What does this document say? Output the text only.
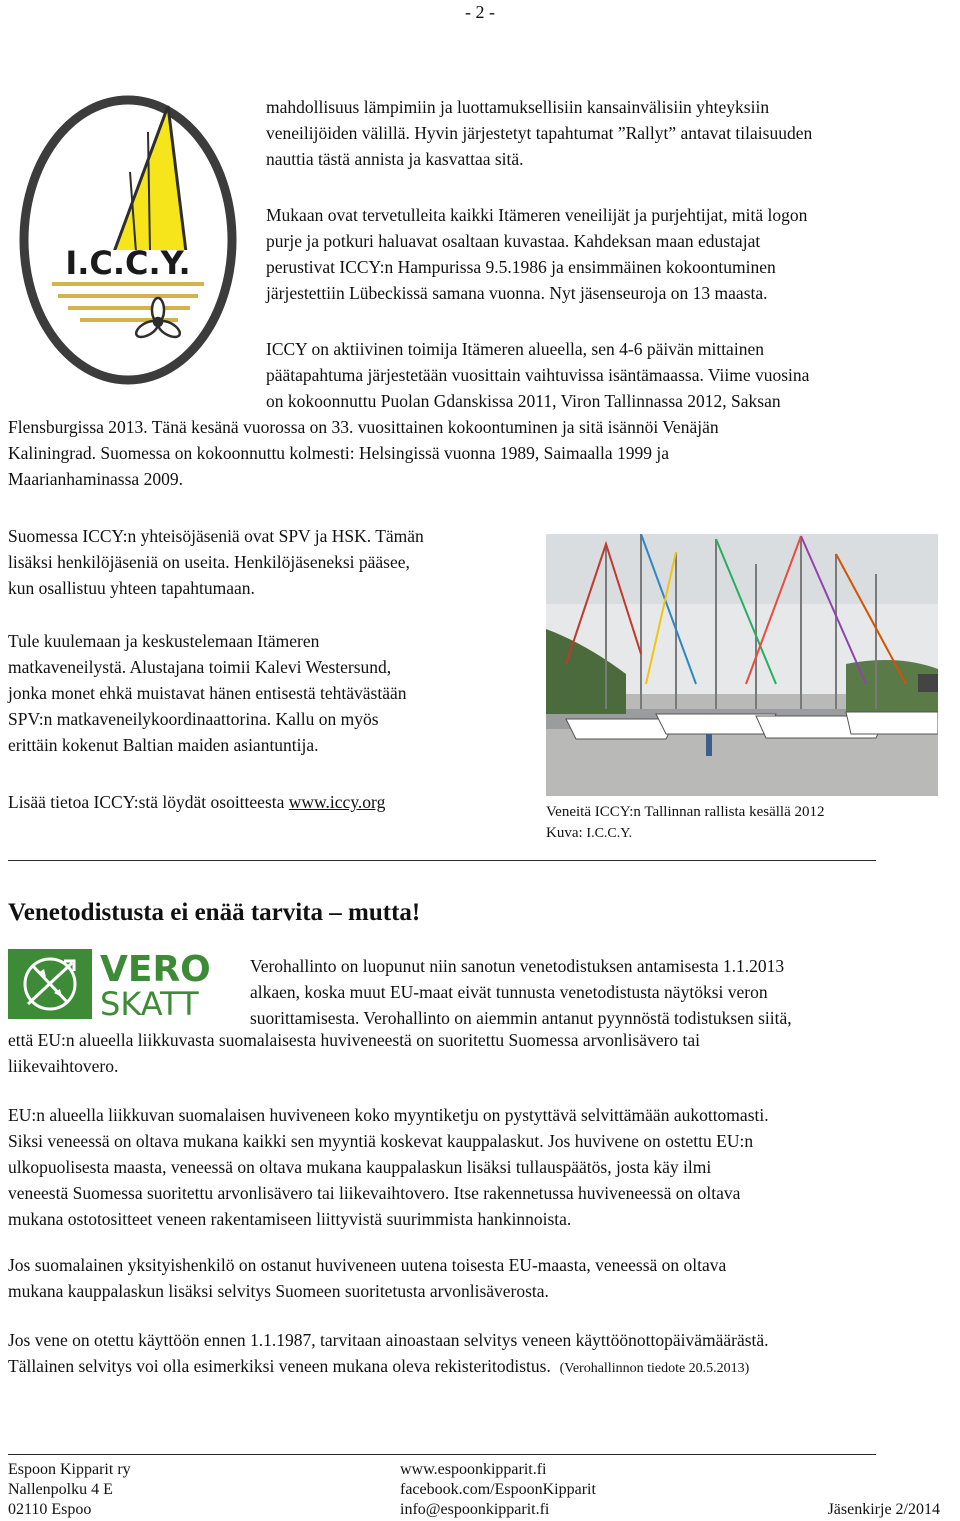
- 2 -
I.C.C.Y.
mahdollisuus lämpimiin ja luottamuksellisiin kansainvälisiin yhteyksiin
veneilijöiden välillä. Hyvin järjestetyt tapahtumat ”Rallyt” antavat tilaisuuden
nauttia tästä annista ja kasvattaa sitä.
Mukaan ovat tervetulleita kaikki Itämeren veneilijät ja purjehtijat, mitä logon
purje ja potkuri haluavat osaltaan kuvastaa. Kahdeksan maan edustajat
perustivat ICCY:n Hampurissa 9.5.1986 ja ensimmäinen kokoontuminen
järjestettiin Lübeckissä samana vuonna. Nyt jäsenseuroja on 13 maasta.
ICCY on aktiivinen toimija Itämeren alueella, sen 4-6 päivän mittainen
päätapahtuma järjestetään vuosittain vaihtuvissa isäntämaassa. Viime vuosina
on kokoonnuttu Puolan Gdanskissa 2011, Viron Tallinnassa 2012, Saksan
Flensburgissa 2013. Tänä kesänä vuorossa on 33. vuosittainen kokoontuminen ja sitä isännöi Venäjän
Kaliningrad. Suomessa on kokoonnuttu kolmesti: Helsingissä vuonna 1989, Saimaalla 1999 ja
Maarianhaminassa 2009.
Suomessa ICCY:n yhteisöjäseniä ovat SPV ja HSK. Tämän
lisäksi henkilöjäseniä on useita. Henkilöjäseneksi pääsee,
kun osallistuu yhteen tapahtumaan.
Tule kuulemaan ja keskustelemaan Itämeren
matkaveneilystä. Alustajana toimii Kalevi Westersund,
jonka monet ehkä muistavat hänen entisestä tehtävästään
SPV:n matkaveneilykoordinaattorina. Kallu on myös
erittäin kokenut Baltian maiden asiantuntija.
Lisää tietoa ICCY:stä löydät osoitteesta www.iccy.org	Veneitä ICCY:n Tallinnan rallista kesällä 2012
Kuva: I.C.C.Y.
Venetodistusta ei enää tarvita – mutta!
VERO
SKATT
Verohallinto on luopunut niin sanotun venetodistuksen antamisesta 1.1.2013
alkaen, koska muut EU-maat eivät tunnusta venetodistusta näytöksi veron
suorittamisesta. Verohallinto on aiemmin antanut pyynnöstä todistuksen siitä,
että EU:n alueella liikkuvasta suomalaisesta huviveneestä on suoritettu Suomessa arvonlisävero tai
liikevaihtovero.
EU:n alueella liikkuvan suomalaisen huviveneen koko myyntiketju on pystyttävä selvittämään aukottomasti.
Siksi veneessä on oltava mukana kaikki sen myyntiä koskevat kauppalaskut. Jos huvivene on ostettu EU:n
ulkopuolisesta maasta, veneessä on oltava mukana kauppalaskun lisäksi tullauspäätös, josta käy ilmi
veneestä Suomessa suoritettu arvonlisävero tai liikevaihtovero. Itse rakennetussa huviveneessä on oltava
mukana ostotositteet veneen rakentamiseen liittyvistä suurimmista hankinnoista.
Jos suomalainen yksityishenkilö on ostanut huviveneen uutena toisesta EU-maasta, veneessä on oltava
mukana kauppalaskun lisäksi selvitys Suomeen suoritetusta arvonlisäverosta.
Jos vene on otettu käyttöön ennen 1.1.1987, tarvitaan ainoastaan selvitys veneen käyttöönottopäivämäärästä.
Tällainen selvitys voi olla esimerkiksi veneen mukana oleva rekisteritodistus. (Verohallinnon tiedote 20.5.2013)
Espoon Kipparit ry
Nallenpolku 4 E
02110 Espoo
www.espoonkipparit.fi
facebook.com/EspoonKipparit
info@espoonkipparit.fi	Jäsenkirje 2/2014
